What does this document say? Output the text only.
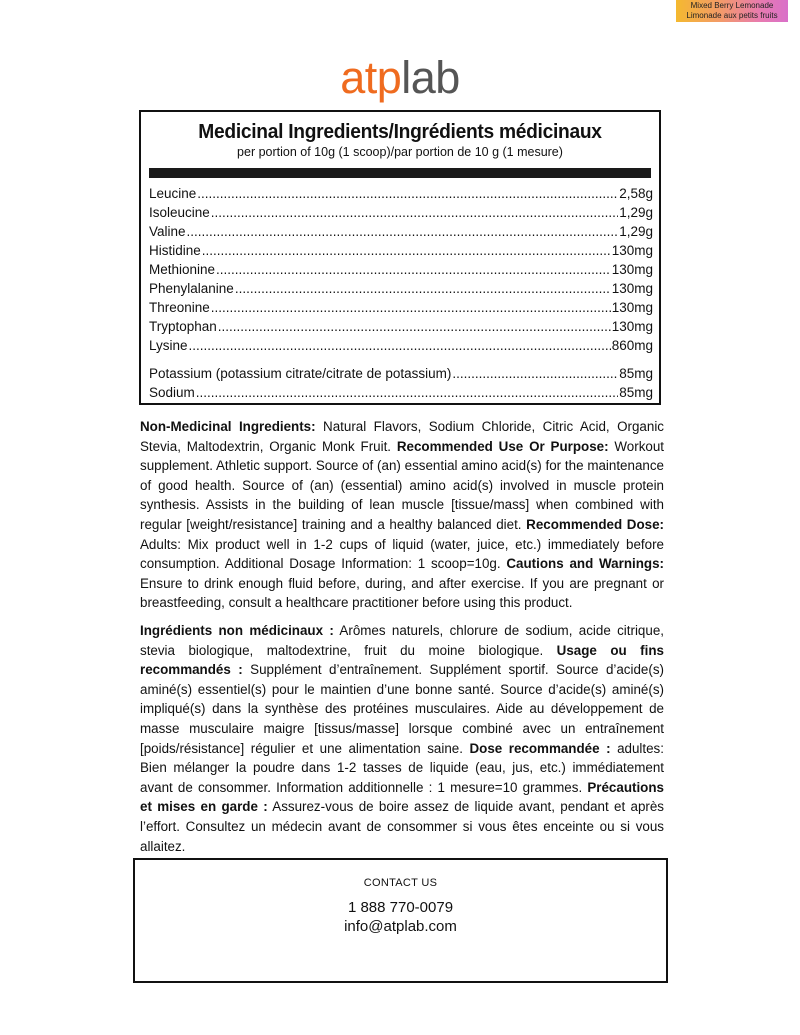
Mixed Berry Lemonade
Limonade aux petits fruits
atplab
Medicinal Ingredients/Ingrédients médicinaux
per portion of 10g (1 scoop)/par portion de 10 g (1 mesure)
Leucine .....	2,58g
Isoleucine .....	1,29g
Valine .....	1,29g
Histidine .....	130mg
Methionine .....	130mg
Phenylalanine .....	130mg
Threonine .....	130mg
Tryptophan .....	130mg
Lysine .....	860mg
Potassium (potassium citrate/citrate de potassium) .....	85mg
Sodium .....	85mg
Non-Medicinal Ingredients: Natural Flavors, Sodium Chloride, Citric Acid, Organic Stevia, Maltodextrin, Organic Monk Fruit. Recommended Use Or Purpose: Workout supplement. Athletic support. Source of (an) essential amino acid(s) for the maintenance of good health. Source of (an) (essential) amino acid(s) involved in muscle protein synthesis. Assists in the building of lean muscle [tissue/mass] when combined with regular [weight/resistance] training and a healthy balanced diet. Recommended Dose: Adults: Mix product well in 1-2 cups of liquid (water, juice, etc.) immediately before consumption. Additional Dosage Information: 1 scoop=10g. Cautions and Warnings: Ensure to drink enough fluid before, during, and after exercise. If you are pregnant or breastfeeding, consult a healthcare practitioner before using this product.
Ingrédients non médicinaux : Arômes naturels, chlorure de sodium, acide citrique, stevia biologique, maltodextrine, fruit du moine biologique. Usage ou fins recommandés : Supplément d’entraînement. Supplément sportif. Source d’acide(s) aminé(s) essentiel(s) pour le maintien d’une bonne santé. Source d’acide(s) aminé(s) impliqué(s) dans la synthèse des protéines musculaires. Aide au développement de masse musculaire maigre [tissus/masse] lorsque combiné avec un entraînement [poids/résistance] régulier et une alimentation saine. Dose recommandée : adultes: Bien mélanger la poudre dans 1-2 tasses de liquide (eau, jus, etc.) immédiatement avant de consommer. Information additionnelle : 1 mesure=10 grammes. Précautions et mises en garde : Assurez-vous de boire assez de liquide avant, pendant et après l’effort. Consultez un médecin avant de consommer si vous êtes enceinte ou si vous allaitez.
CONTACT US
1 888 770-0079
info@atplab.com
